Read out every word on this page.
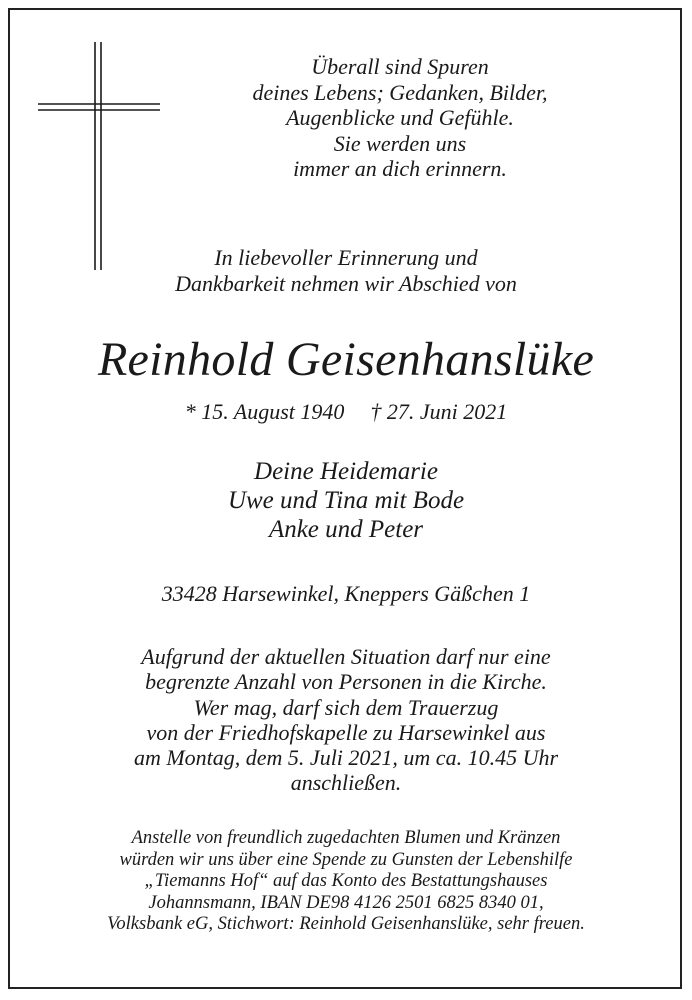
Überall sind Spuren
deines Lebens; Gedanken, Bilder,
Augenblicke und Gefühle.
Sie werden uns
immer an dich erinnern.
In liebevoller Erinnerung und
Dankbarkeit nehmen wir Abschied von
Reinhold Geisenhanslüke
* 15. August 1940 † 27. Juni 2021
Deine Heidemarie
Uwe und Tina mit Bode
Anke und Peter
33428 Harsewinkel, Kneppers Gäßchen 1
Aufgrund der aktuellen Situation darf nur eine
begrenzte Anzahl von Personen in die Kirche.
Wer mag, darf sich dem Trauerzug
von der Friedhofskapelle zu Harsewinkel aus
am Montag, dem 5. Juli 2021, um ca. 10.45 Uhr
anschließen.
Anstelle von freundlich zugedachten Blumen und Kränzen
würden wir uns über eine Spende zu Gunsten der Lebenshilfe
„Tiemanns Hof“ auf das Konto des Bestattungshauses
Johannsmann, IBAN DE98 4126 2501 6825 8340 01,
Volksbank eG, Stichwort: Reinhold Geisenhanslüke, sehr freuen.
